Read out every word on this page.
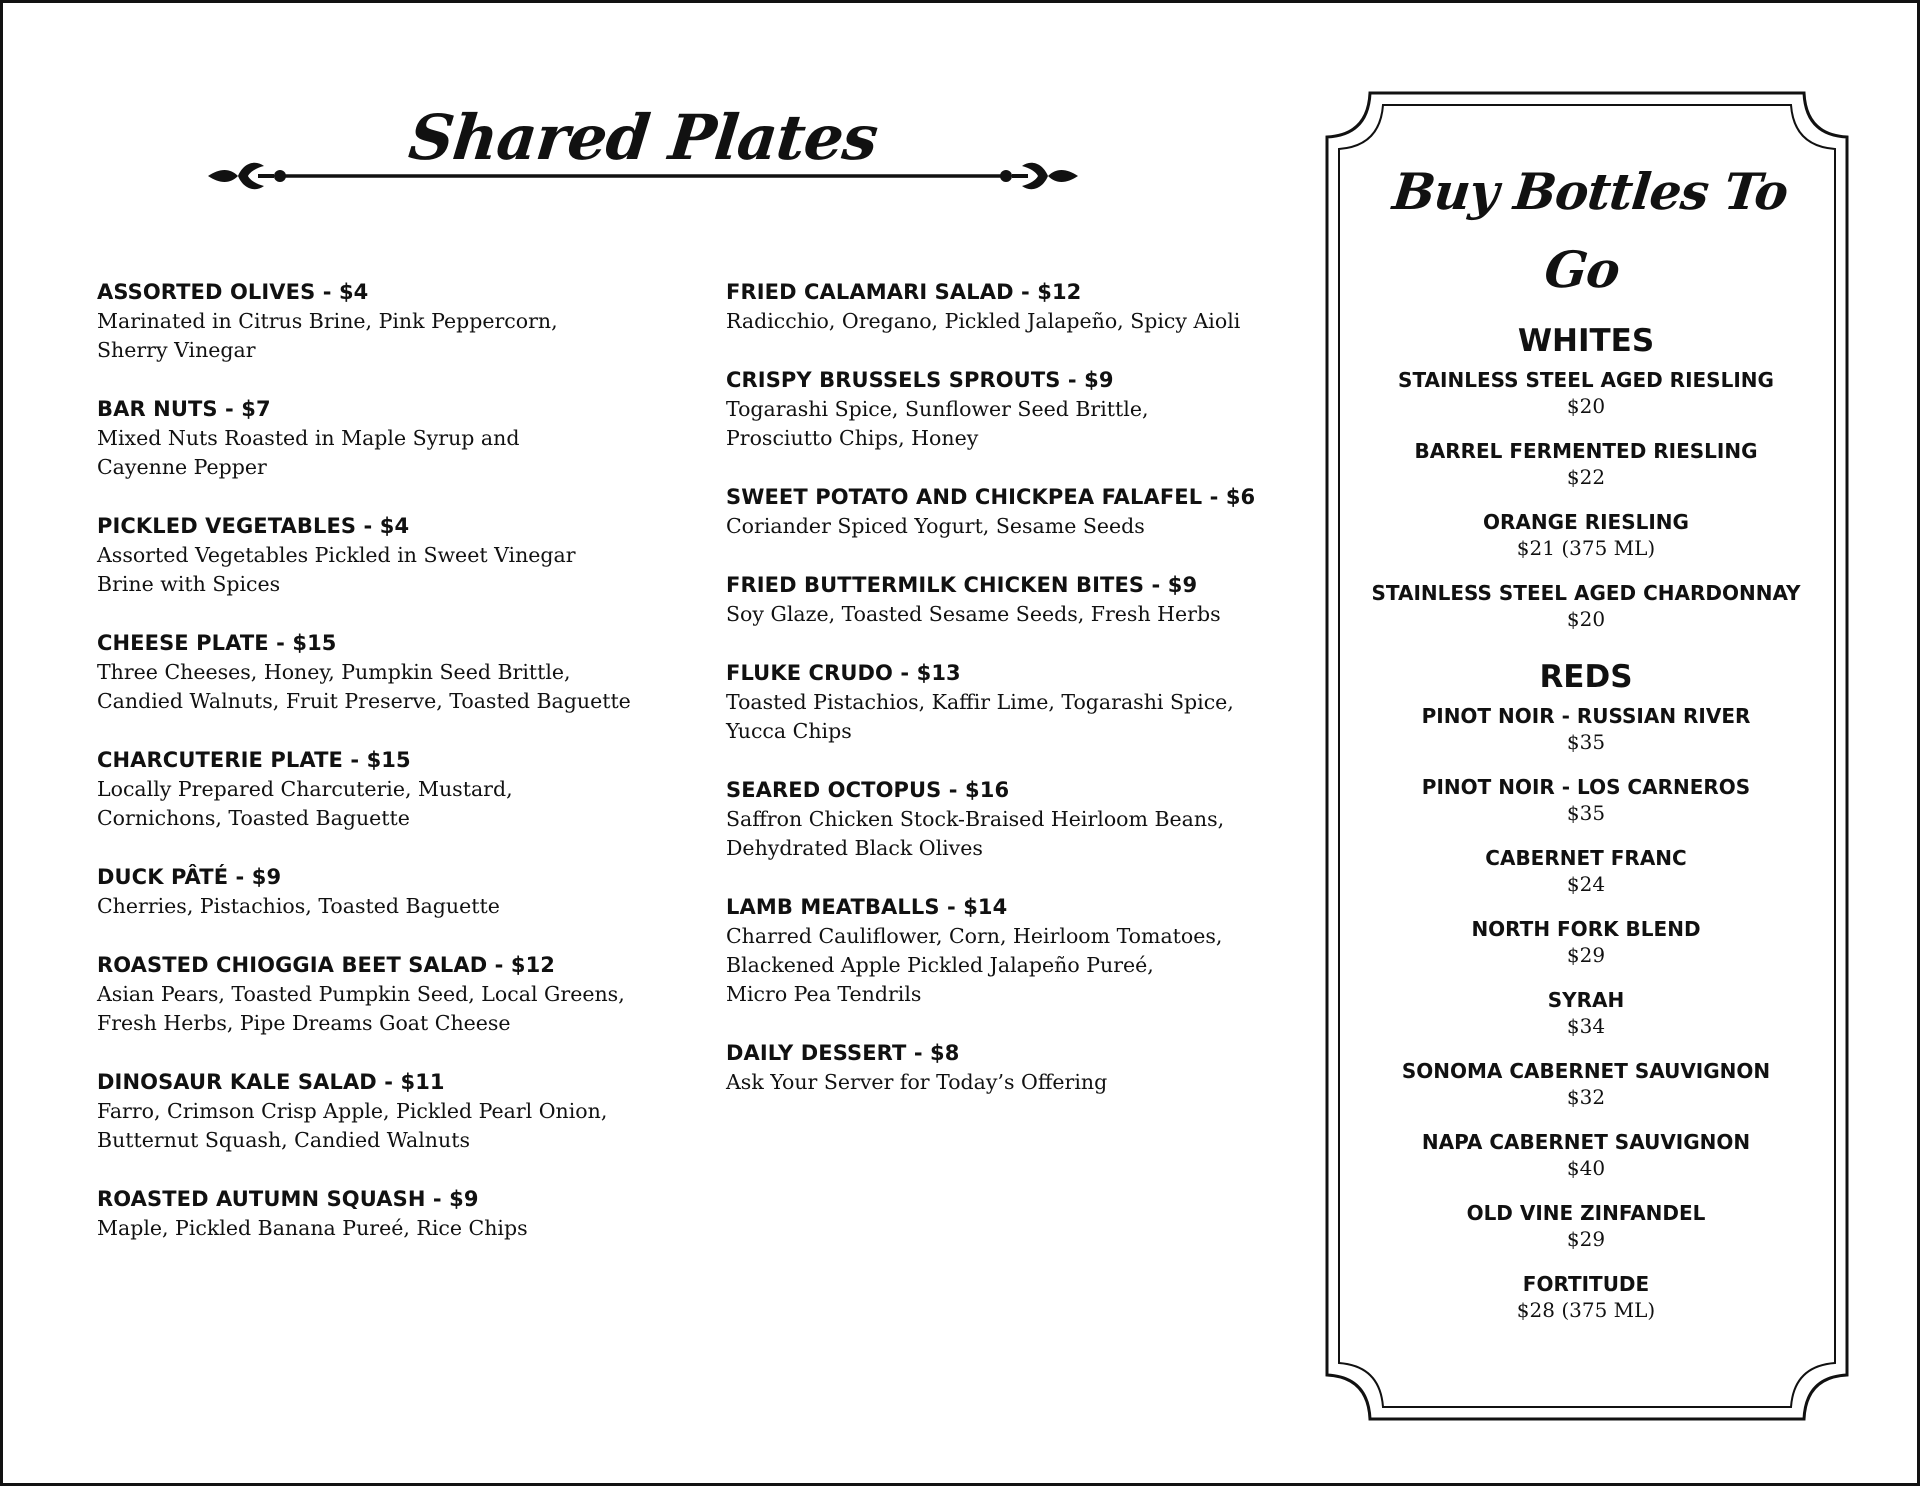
Shared Plates
ASSORTED OLIVES - $4
Marinated in Citrus Brine, Pink Peppercorn,
Sherry Vinegar
BAR NUTS - $7
Mixed Nuts Roasted in Maple Syrup and
Cayenne Pepper
PICKLED VEGETABLES - $4
Assorted Vegetables Pickled in Sweet Vinegar
Brine with Spices
CHEESE PLATE - $15
Three Cheeses, Honey, Pumpkin Seed Brittle,
Candied Walnuts, Fruit Preserve, Toasted Baguette
CHARCUTERIE PLATE - $15
Locally Prepared Charcuterie, Mustard,
Cornichons, Toasted Baguette
DUCK PÂTÉ - $9
Cherries, Pistachios, Toasted Baguette
ROASTED CHIOGGIA BEET SALAD - $12
Asian Pears, Toasted Pumpkin Seed, Local Greens,
Fresh Herbs, Pipe Dreams Goat Cheese
DINOSAUR KALE SALAD - $11
Farro, Crimson Crisp Apple, Pickled Pearl Onion,
Butternut Squash, Candied Walnuts
ROASTED AUTUMN SQUASH - $9
Maple, Pickled Banana Pureé, Rice Chips
FRIED CALAMARI SALAD - $12
Radicchio, Oregano, Pickled Jalapeño, Spicy Aioli
CRISPY BRUSSELS SPROUTS - $9
Togarashi Spice, Sunflower Seed Brittle,
Prosciutto Chips, Honey
SWEET POTATO AND CHICKPEA FALAFEL - $6
Coriander Spiced Yogurt, Sesame Seeds
FRIED BUTTERMILK CHICKEN BITES - $9
Soy Glaze, Toasted Sesame Seeds, Fresh Herbs
FLUKE CRUDO - $13
Toasted Pistachios, Kaffir Lime, Togarashi Spice,
Yucca Chips
SEARED OCTOPUS - $16
Saffron Chicken Stock-Braised Heirloom Beans,
Dehydrated Black Olives
LAMB MEATBALLS - $14
Charred Cauliflower, Corn, Heirloom Tomatoes,
Blackened Apple Pickled Jalapeño Pureé,
Micro Pea Tendrils
DAILY DESSERT - $8
Ask Your Server for Today’s Offering
Buy Bottles To Go
WHITES
STAINLESS STEEL AGED RIESLING
$20
BARREL FERMENTED RIESLING
$22
ORANGE RIESLING
$21 (375 ML)
STAINLESS STEEL AGED CHARDONNAY
$20
REDS
PINOT NOIR - RUSSIAN RIVER
$35
PINOT NOIR - LOS CARNEROS
$35
CABERNET FRANC
$24
NORTH FORK BLEND
$29
SYRAH
$34
SONOMA CABERNET SAUVIGNON
$32
NAPA CABERNET SAUVIGNON
$40
OLD VINE ZINFANDEL
$29
FORTITUDE
$28 (375 ML)
